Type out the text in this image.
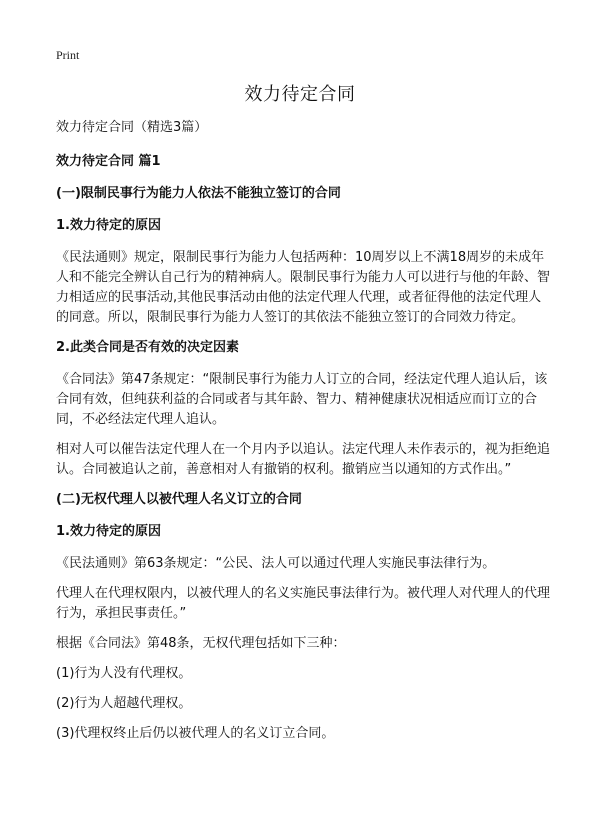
Print
效力待定合同

效力待定合同（精选3篇）

效力待定合同 篇1

(一)限制民事行为能力人依法不能独立签订的合同

1.效力待定的原因

《民法通则》规定，限制民事行为能力人包括两种：10周岁以上不满18周岁的未成年人和不能完全辨认自己行为的精神病人。限制民事行为能力人可以进行与他的年龄、智力相适应的民事活动,其他民事活动由他的法定代理人代理，或者征得他的法定代理人的同意。所以，限制民事行为能力人签订的其依法不能独立签订的合同效力待定。

2.此类合同是否有效的决定因素

《合同法》第47条规定：“限制民事行为能力人订立的合同，经法定代理人追认后，该合同有效，但纯获利益的合同或者与其年龄、智力、精神健康状况相适应而订立的合同，不必经法定代理人追认。

相对人可以催告法定代理人在一个月内予以追认。法定代理人未作表示的，视为拒绝追认。合同被追认之前，善意相对人有撤销的权利。撤销应当以通知的方式作出。”

(二)无权代理人以被代理人名义订立的合同

1.效力待定的原因

《民法通则》第63条规定：“公民、法人可以通过代理人实施民事法律行为。

代理人在代理权限内，以被代理人的名义实施民事法律行为。被代理人对代理人的代理行为，承担民事责任。”

根据《合同法》第48条，无权代理包括如下三种：

(1)行为人没有代理权。

(2)行为人超越代理权。

(3)代理权终止后仍以被代理人的名义订立合同。
